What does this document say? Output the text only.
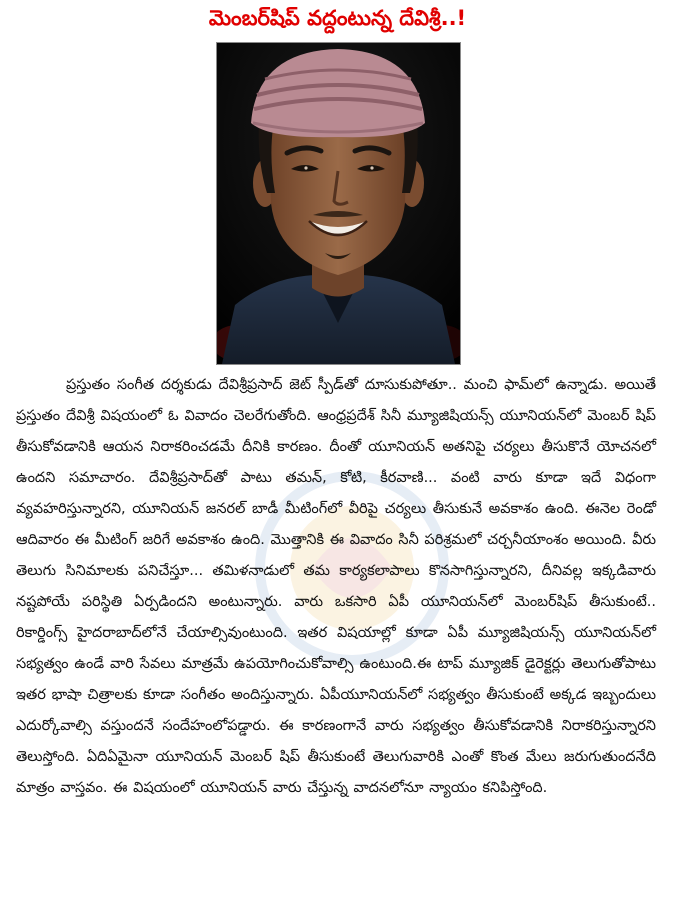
మెంబర్‌షిప్ వద్దంటున్న దేవిశ్రీ..!

ప్రస్తుతం సంగీత దర్శకుడు దేవిశ్రీప్రసాద్ జెట్ స్పీడ్‌తో దూసుకుపోతూ.. మంచి ఫామ్‌లో ఉన్నాడు. అయితే ప్రస్తుతం దేవిశ్రీ విషయంలో ఓ వివాదం చెలరేగుతోంది. ఆంధ్రప్రదేశ్ సినీ మ్యూజిషియన్స్ యూనియన్‌లో మెంబర్ షిప్ తీసుకోవడానికి ఆయన నిరాకరించడమే దీనికి కారణం. దీంతో యూనియన్ అతనిపై చర్యలు తీసుకొనే యోచనలో ఉందని సమాచారం. దేవిశ్రీప్రసాద్‌తో పాటు తమన్, కోటి, కీరవాణి... వంటి వారు కూడా ఇదే విధంగా వ్యవహరిస్తున్నారని, యూనియన్ జనరల్ బాడీ మీటింగ్‌లో వీరిపై చర్యలు తీసుకునే అవకాశం ఉంది. ఈనెల రెండో ఆదివారం ఈ మీటింగ్ జరిగే అవకాశం ఉంది. మొత్తానికి ఈ వివాదం సినీ పరిశ్రమలో చర్చనీయాంశం అయింది. వీరు తెలుగు సినిమాలకు పనిచేస్తూ... తమిళనాడులో తమ కార్యకలాపాలు కొనసాగిస్తున్నారని, దీనివల్ల ఇక్కడివారు నష్టపోయే పరిస్థితి ఏర్పడిందని అంటున్నారు. వారు ఒకసారి ఏపీ యూనియన్‌లో మెంబర్‌షిప్ తీసుకుంటే.. రికార్డింగ్స్ హైదరాబాద్‌లోనే చేయాల్సివుంటుంది. ఇతర విషయాల్లో కూడా ఏపీ మ్యూజిషియన్స్ యూనియన్‌లో సభ్యత్వం ఉండే వారి సేవలు మాత్రమే ఉపయోగించుకోవాల్సి ఉంటుంది.ఈ టాప్ మ్యూజిక్ డైరెక్టర్లు తెలుగుతోపాటు ఇతర భాషా చిత్రాలకు కూడా సంగీతం అందిస్తున్నారు. ఏపీయూనియన్‌లో సభ్యత్వం తీసుకుంటే అక్కడ ఇబ్బందులు ఎదుర్కోవాల్సి వస్తుందనే సందేహంలోపడ్డారు. ఈ కారణంగానే వారు సభ్యత్వం తీసుకోవడానికి నిరాకరిస్తున్నారని తెలుస్తోంది. ఏదిఏమైనా యూనియన్ మెంబర్ షిప్ తీసుకుంటే తెలుగువారికి ఎంతో కొంత మేలు జరుగుతుందనేది మాత్రం వాస్తవం. ఈ విషయంలో యూనియన్ వారు చేస్తున్న వాదనలోనూ న్యాయం కనిపిస్తోంది.
